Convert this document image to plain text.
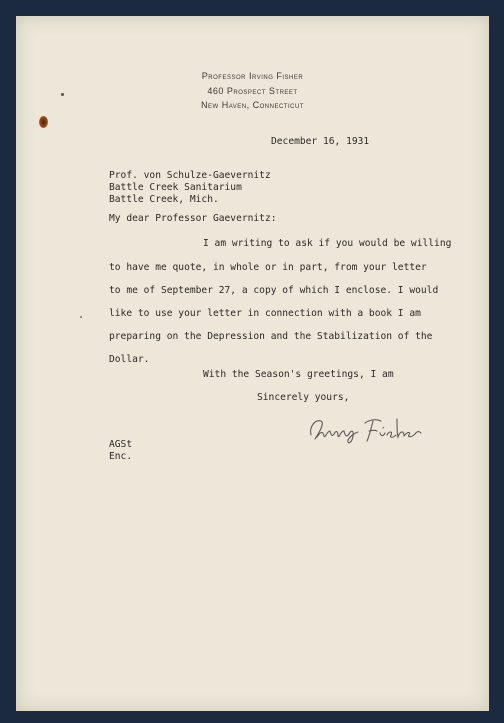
Professor Irving Fisher
460 Prospect Street
New Haven, Connecticut
December 16, 1931
Prof. von Schulze-Gaevernitz
Battle Creek Sanitarium
Battle Creek, Mich.
My dear Professor Gaevernitz:
I am writing to ask if you would be willing
to have me quote, in whole or in part, from your letter
to me of September 27, a copy of which I enclose. I would
like to use your letter in connection with a book I am
preparing on the Depression and the Stabilization of the
Dollar.
With the Season's greetings, I am
Sincerely yours,
AGSt
Enc.
